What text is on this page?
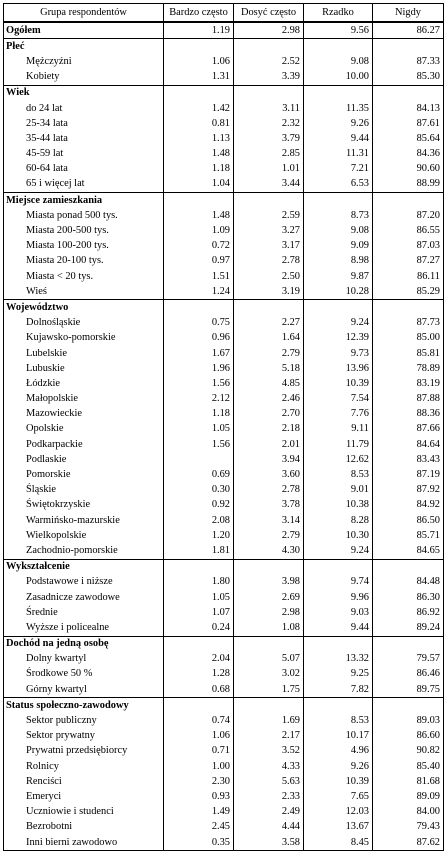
Grupa respondentów	Bardzo często	Dosyć często	Rzadko	Nigdy
Ogółem	1.19	2.98	9.56	86.27
Płeć				
Mężczyźni	1.06	2.52	9.08	87.33
Kobiety	1.31	3.39	10.00	85.30
Wiek				
do 24 lat	1.42	3.11	11.35	84.13
25-34 lata	0.81	2.32	9.26	87.61
35-44 lata	1.13	3.79	9.44	85.64
45-59 lat	1.48	2.85	11.31	84.36
60-64 lata	1.18	1.01	7.21	90.60
65 i więcej lat	1.04	3.44	6.53	88.99
Miejsce zamieszkania				
Miasta ponad 500 tys.	1.48	2.59	8.73	87.20
Miasta 200-500 tys.	1.09	3.27	9.08	86.55
Miasta 100-200 tys.	0.72	3.17	9.09	87.03
Miasta 20-100 tys.	0.97	2.78	8.98	87.27
Miasta < 20 tys.	1.51	2.50	9.87	86.11
Wieś	1.24	3.19	10.28	85.29
Województwo				
Dolnośląskie	0.75	2.27	9.24	87.73
Kujawsko-pomorskie	0.96	1.64	12.39	85.00
Lubelskie	1.67	2.79	9.73	85.81
Lubuskie	1.96	5.18	13.96	78.89
Łódzkie	1.56	4.85	10.39	83.19
Małopolskie	2.12	2.46	7.54	87.88
Mazowieckie	1.18	2.70	7.76	88.36
Opolskie	1.05	2.18	9.11	87.66
Podkarpackie	1.56	2.01	11.79	84.64
Podlaskie		3.94	12.62	83.43
Pomorskie	0.69	3.60	8.53	87.19
Śląskie	0.30	2.78	9.01	87.92
Świętokrzyskie	0.92	3.78	10.38	84.92
Warmińsko-mazurskie	2.08	3.14	8.28	86.50
Wielkopolskie	1.20	2.79	10.30	85.71
Zachodnio-pomorskie	1.81	4.30	9.24	84.65
Wykształcenie				
Podstawowe i niższe	1.80	3.98	9.74	84.48
Zasadnicze zawodowe	1.05	2.69	9.96	86.30
Średnie	1.07	2.98	9.03	86.92
Wyższe i policealne	0.24	1.08	9.44	89.24
Dochód na jedną osobę				
Dolny kwartyl	2.04	5.07	13.32	79.57
Środkowe 50 %	1.28	3.02	9.25	86.46
Górny kwartyl	0.68	1.75	7.82	89.75
Status społeczno-zawodowy				
Sektor publiczny	0.74	1.69	8.53	89.03
Sektor prywatny	1.06	2.17	10.17	86.60
Prywatni przedsiębiorcy	0.71	3.52	4.96	90.82
Rolnicy	1.00	4.33	9.26	85.40
Renciści	2.30	5.63	10.39	81.68
Emeryci	0.93	2.33	7.65	89.09
Uczniowie i studenci	1.49	2.49	12.03	84.00
Bezrobotni	2.45	4.44	13.67	79.43
Inni bierni zawodowo	0.35	3.58	8.45	87.62
